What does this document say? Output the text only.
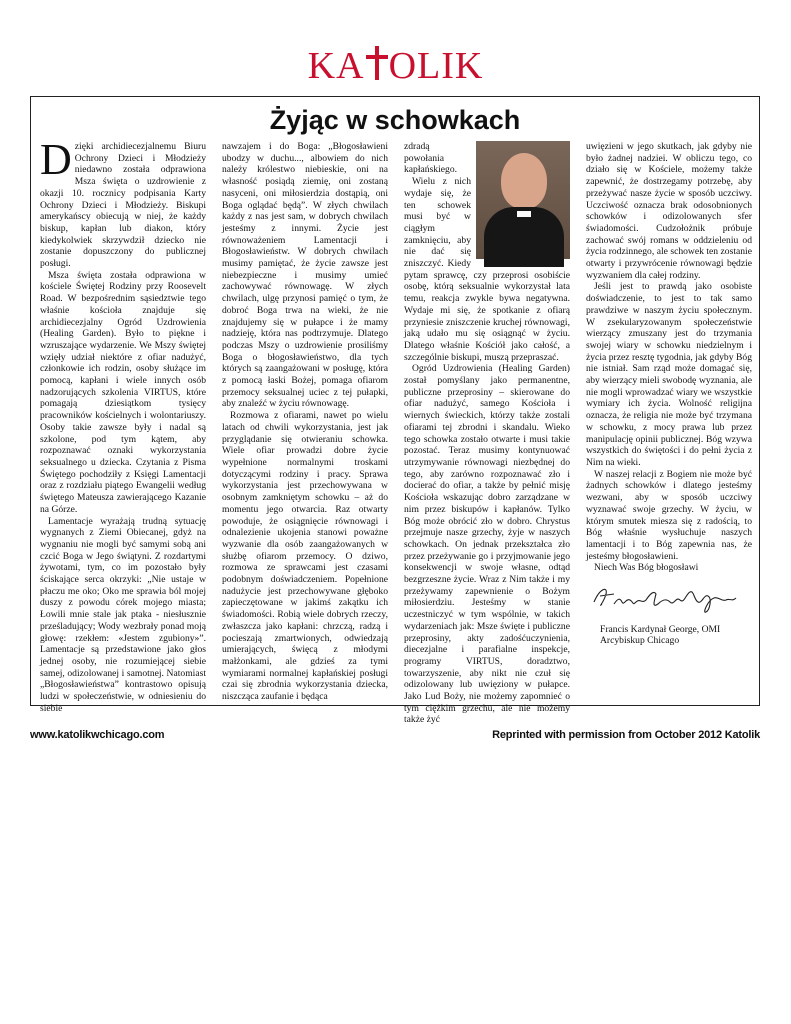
KA OLIK
Żyjąc w schowkach

Dzięki archidiecezjalnemu Biuru Ochrony Dzieci i Młodzieży niedawno została odprawiona Msza święta o uzdrowienie z okazji 10. rocznicy podpisania Karty Ochrony Dzieci i Młodzieży. Biskupi amerykańscy obiecują w niej, że każdy biskup, kapłan lub diakon, który kiedykolwiek skrzywdził dziecko nie zostanie dopuszczony do publicznej posługi.

Msza święta została odprawiona w kościele Świętej Rodziny przy Roosevelt Road. W bezpośrednim sąsiedztwie tego właśnie kościoła znajduje się archidiecezjalny Ogród Uzdrowienia (Healing Garden). Było to piękne i wzruszające wydarzenie. We Mszy świętej wzięły udział niektóre z ofiar nadużyć, członkowie ich rodzin, osoby służące im pomocą, kapłani i wiele innych osób nadzorujących szkolenia VIRTUS, które pomagają dziesiątkom tysięcy pracowników kościelnych i wolontariuszy. Osoby takie zawsze były i nadal są szkolone, pod tym kątem, aby rozpoznawać oznaki wykorzystania seksualnego u dziecka. Czytania z Pisma Świętego pochodziły z Księgi Lamentacji oraz z rozdziału piątego Ewangelii według świętego Mateusza zawierającego Kazanie na Górze.

Lamentacje wyrażają trudną sytuację wygnanych z Ziemi Obiecanej, gdyż na wygnaniu nie mogli być samymi sobą ani czcić Boga w Jego świątyni. Z rozdartymi żywotami, tym, co im pozostało były ściskające serca okrzyki: „Nie ustaje w płaczu me oko; Oko me sprawia ból mojej duszy z powodu córek mojego miasta; Łowili mnie stale jak ptaka - niesłusznie prześladujący; Wody wezbrały ponad moją głowę: rzekłem: «Jestem zgubiony»”. Lamentacje są przedstawione jako głos jednej osoby, nie rozumiejącej siebie samej, odizolowanej i samotnej. Natomiast „Błogosławieństwa” kontrastowo opisują ludzi w społeczeństwie, w odniesieniu do siebie

nawzajem i do Boga: „Błogosławieni ubodzy w duchu..., albowiem do nich należy królestwo niebieskie, oni na własność posiądą ziemię, oni zostaną nasyceni, oni miłosierdzia dostąpią, oni Boga oglądać będą”. W złych chwilach każdy z nas jest sam, w dobrych chwilach jesteśmy z innymi. Życie jest równoważeniem Lamentacji i Błogosławieństw. W dobrych chwilach musimy pamiętać, że życie zawsze jest niebezpieczne i musimy umieć zachowywać równowagę. W złych chwilach, ulgę przynosi pamięć o tym, że dobroć Boga trwa na wieki, że nie znajdujemy się w pułapce i że mamy nadzieję, która nas podtrzymuje. Dlatego podczas Mszy o uzdrowienie prosiliśmy Boga o błogosławieństwo, dla tych których są zaangażowani w posługę, która z pomocą łaski Bożej, pomaga ofiarom przemocy seksualnej uciec z tej pułapki, aby znaleźć w życiu równowagę.

Rozmowa z ofiarami, nawet po wielu latach od chwili wykorzystania, jest jak przyglądanie się otwieraniu schowka. Wiele ofiar prowadzi dobre życie wypełnione normalnymi troskami dotyczącymi rodziny i pracy. Sprawa wykorzystania jest przechowywana w osobnym zamkniętym schowku – aż do momentu jego otwarcia. Raz otwarty powoduje, że osiągnięcie równowagi i odnalezienie ukojenia stanowi poważne wyzwanie dla osób zaangażowanych w służbę ofiarom przemocy. O dziwo, rozmowa ze sprawcami jest czasami podobnym doświadczeniem. Popełnione nadużycie jest przechowywane głęboko zapieczętowane w jakimś zakątku ich świadomości. Robią wiele dobrych rzeczy, zwłaszcza jako kapłani: chrzczą, radzą i pocieszają zmartwionych, odwiedzają umierających, święcą z młodymi małżonkami, ale gdzieś za tymi wymiarami normalnej kapłańskiej posługi czai się zbrodnia wykorzystania dziecka, niszcząca zaufanie i będąca

zdradą powołania kapłańskiego.

Wielu z nich wydaje się, że ten schowek musi być w ciągłym zamknięciu, aby nie dać się zniszczyć. Kiedy pytam sprawcę, czy przeprosi osobiście osobę, którą seksualnie wykorzystał lata temu, reakcja zwykle bywa negatywna. Wydaje mi się, że spotkanie z ofiarą przyniesie zniszczenie kruchej równowagi, jaką udało mu się osiągnąć w życiu. Dlatego właśnie Kościół jako całość, a szczególnie biskupi, muszą przepraszać.

Ogród Uzdrowienia (Healing Garden) został pomyślany jako permanentne, publiczne przeprosiny – skierowane do ofiar nadużyć, samego Kościoła i wiernych świeckich, którzy także zostali ofiarami tej zbrodni i skandalu. Wieko tego schowka zostało otwarte i musi takie pozostać. Teraz musimy kontynuować utrzymywanie równowagi niezbędnej do tego, aby zarówno rozpoznawać zło i docierać do ofiar, a także by pełnić misję Kościoła wskazując dobro zarządzane w nim przez biskupów i kapłanów. Tylko Bóg może obrócić zło w dobro. Chrystus przejmuje nasze grzechy, żyje w naszych schowkach. On jednak przekształca zło przez przeżywanie go i przyjmowanie jego konsekwencji w swoje własne, odtąd bezgrzeszne życie. Wraz z Nim także i my przeżywamy zapewnienie o Bożym miłosierdziu. Jesteśmy w stanie uczestniczyć w tym wspólnie, w takich wydarzeniach jak: Msze święte i publiczne przeprosiny, akty zadośćuczynienia, diecezjalne i parafialne inspekcje, programy VIRTUS, doradztwo, towarzyszenie, aby nikt nie czuł się odizolowany lub uwięziony w pułapce. Jako Lud Boży, nie możemy zapomnieć o tym ciężkim grzechu, ale nie możemy także żyć

uwięzieni w jego skutkach, jak gdyby nie było żadnej nadziei. W obliczu tego, co działo się w Kościele, możemy także zapewnić, że dostrzegamy potrzebę, aby przeżywać nasze życie w sposób uczciwy. Uczciwość oznacza brak odosobnionych schowków i odizolowanych sfer świadomości. Cudzołożnik próbuje zachować swój romans w oddzieleniu od życia rodzinnego, ale schowek ten zostanie otwarty i przywrócenie równowagi będzie wyzwaniem dla całej rodziny.

Jeśli jest to prawdą jako osobiste doświadczenie, to jest to tak samo prawdziwe w naszym życiu społecznym. W zsekularyzowanym społeczeństwie wierzący zmuszany jest do trzymania swojej wiary w schowku niedzielnym i życia przez resztę tygodnia, jak gdyby Bóg nie istniał. Sam rząd może domagać się, aby wierzący mieli swobodę wyznania, ale nie mogli wprowadzać wiary we wszystkie wymiary ich życia. Wolność religijna oznacza, że religia nie może być trzymana w schowku, z mocy prawa lub przez manipulację opinii publicznej. Bóg wzywa wszystkich do świętości i do pełni życia z Nim na wieki.

W naszej relacji z Bogiem nie może być żadnych schowków i dlatego jesteśmy wezwani, aby w sposób uczciwy wyznawać swoje grzechy. W życiu, w którym smutek miesza się z radością, to Bóg właśnie wysłuchuje naszych lamentacji i to Bóg zapewnia nas, że jesteśmy błogosławieni.

Niech Was Bóg błogosławi

Francis Kardynał George, OMI
Arcybiskup Chicago
www.katolikwchicago.com	Reprinted with permission from October 2012 Katolik
